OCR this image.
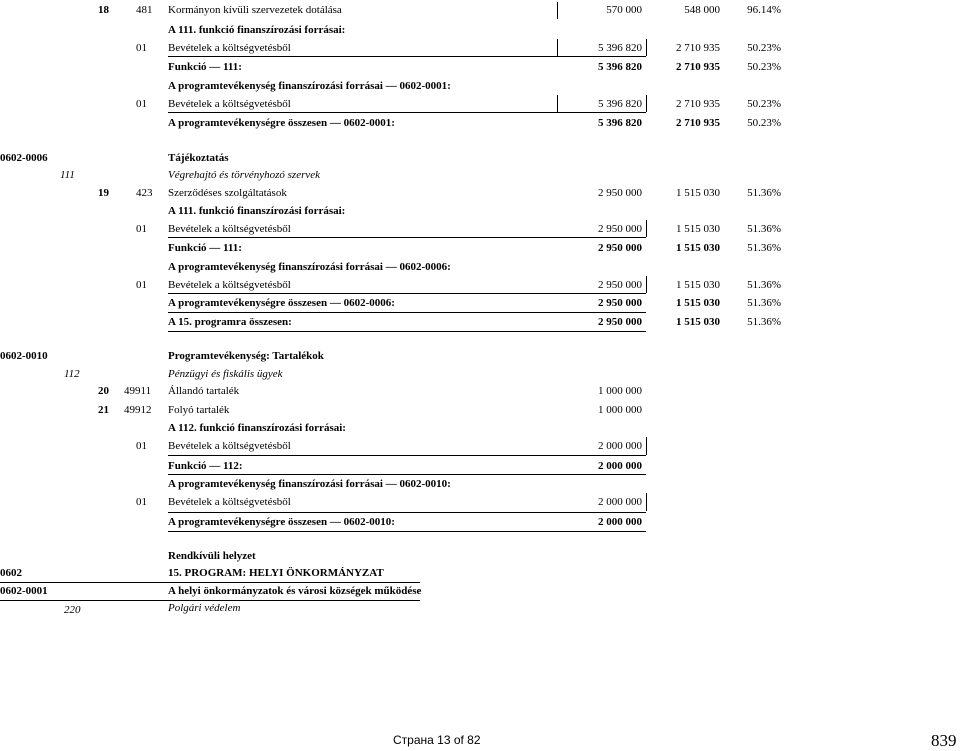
18 481 Kormányon kívüli szervezetek dotálása	570 000	548 000	96.14%
A 111. funkció finanszírozási forrásai:
01 Bevételek a költségvetésből	5 396 820	2 710 935	50.23%
Funkció — 111:	5 396 820	2 710 935	50.23%
A programtevékenység finanszírozási forrásai — 0602-0001:
01 Bevételek a költségvetésből	5 396 820	2 710 935	50.23%
A programtevékenységre összesen — 0602-0001:	5 396 820	2 710 935	50.23%
0602-0006	Tájékoztatás
111	Végrehajtó és törvényhozó szervek
19 423 Szerződéses szolgáltatások	2 950 000	1 515 030	51.36%
A 111. funkció finanszírozási forrásai:
01 Bevételek a költségvetésből	2 950 000	1 515 030	51.36%
Funkció — 111:	2 950 000	1 515 030	51.36%
A programtevékenység finanszírozási forrásai — 0602-0006:
01 Bevételek a költségvetésből	2 950 000	1 515 030	51.36%
A programtevékenységre összesen — 0602-0006:	2 950 000	1 515 030	51.36%
A 15. programra összesen:	2 950 000	1 515 030	51.36%
0602-0010	Programtevékenység: Tartalékok
112	Pénzügyi és fiskális ügyek
20 49911 Állandó tartalék	1 000 000
21 49912 Folyó tartalék	1 000 000
A 112. funkció finanszírozási forrásai:
01 Bevételek a költségvetésből	2 000 000
Funkció — 112:	2 000 000
A programtevékenység finanszírozási forrásai — 0602-0010:
01 Bevételek a költségvetésből	2 000 000
A programtevékenységre összesen — 0602-0010:	2 000 000
Rendkívüli helyzet
0602	15. PROGRAM: HELYI ÖNKORMÁNYZAT
0602-0001	A helyi önkormányzatok és városi községek működése
220	Polgári védelem
Страна 13 of 82	839
